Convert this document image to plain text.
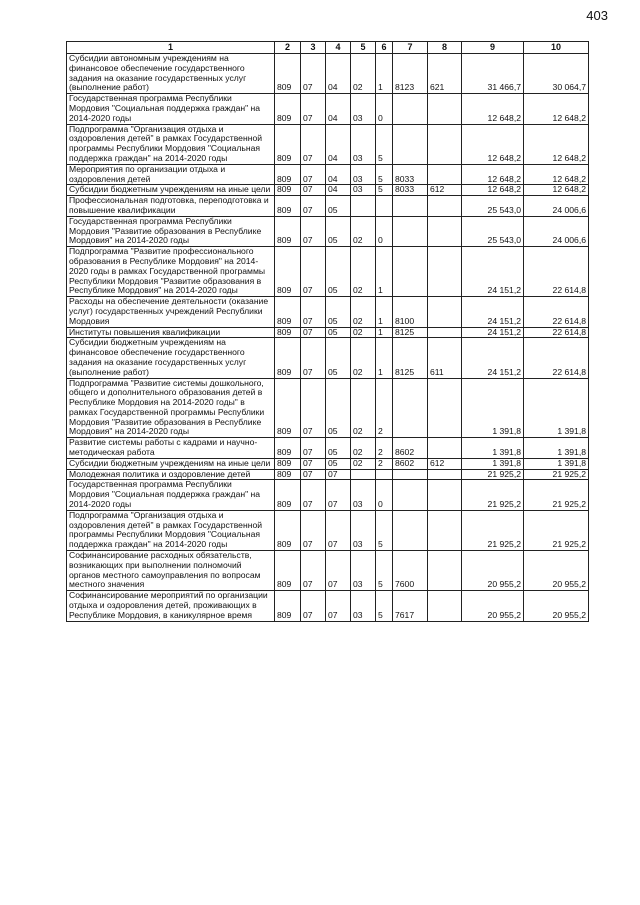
403
1	2	3	4	5	6	7	8	9	10
Субсидии автономным учреждениям на финансовое обеспечение государственного задания на оказание государственных услуг (выполнение работ)	809	07	04	02	1	8123	621	31 466,7	30 064,7
Государственная программа Республики Мордовия "Социальная поддержка граждан" на 2014-2020 годы	809	07	04	03	0			12 648,2	12 648,2
Подпрограмма "Организация отдыха и оздоровления детей" в рамках Государственной программы Республики Мордовия "Социальная поддержка граждан" на 2014-2020 годы	809	07	04	03	5			12 648,2	12 648,2
Мероприятия по организации отдыха и оздоровления детей	809	07	04	03	5	8033		12 648,2	12 648,2
Субсидии бюджетным учреждениям на иные цели	809	07	04	03	5	8033	612	12 648,2	12 648,2
Профессиональная подготовка, переподготовка и повышение квалификации	809	07	05					25 543,0	24 006,6
Государственная программа Республики Мордовия "Развитие образования в Республике Мордовия" на 2014-2020 годы	809	07	05	02	0			25 543,0	24 006,6
Подпрограмма "Развитие профессионального образования в Республике Мордовия" на 2014-2020 годы в рамках Государственной программы Республики Мордовия "Развитие образования в Республике Мордовия" на 2014-2020 годы	809	07	05	02	1			24 151,2	22 614,8
Расходы на обеспечение деятельности (оказание услуг) государственных учреждений Республики Мордовия	809	07	05	02	1	8100		24 151,2	22 614,8
Институты повышения квалификации	809	07	05	02	1	8125		24 151,2	22 614,8
Субсидии бюджетным учреждениям на финансовое обеспечение государственного задания на оказание государственных услуг (выполнение работ)	809	07	05	02	1	8125	611	24 151,2	22 614,8
Подпрограмма "Развитие системы дошкольного, общего и дополнительного образования детей в Республике Мордовия на 2014-2020 годы" в рамках Государственной программы Республики Мордовия "Развитие образования в Республике Мордовия" на 2014-2020 годы	809	07	05	02	2			1 391,8	1 391,8
Развитие системы работы с кадрами и научно-методическая работа	809	07	05	02	2	8602		1 391,8	1 391,8
Субсидии бюджетным учреждениям на иные цели	809	07	05	02	2	8602	612	1 391,8	1 391,8
Молодежная политика и оздоровление детей	809	07	07					21 925,2	21 925,2
Государственная программа Республики Мордовия "Социальная поддержка граждан" на 2014-2020 годы	809	07	07	03	0			21 925,2	21 925,2
Подпрограмма "Организация отдыха и оздоровления детей" в рамках Государственной программы Республики Мордовия "Социальная поддержка граждан" на 2014-2020 годы	809	07	07	03	5			21 925,2	21 925,2
Софинансирование расходных обязательств, возникающих при выполнении полномочий органов местного самоуправления по вопросам местного значения	809	07	07	03	5	7600		20 955,2	20 955,2
Софинансирование мероприятий по организации отдыха и оздоровления детей, проживающих в Республике Мордовия, в каникулярное время	809	07	07	03	5	7617		20 955,2	20 955,2
